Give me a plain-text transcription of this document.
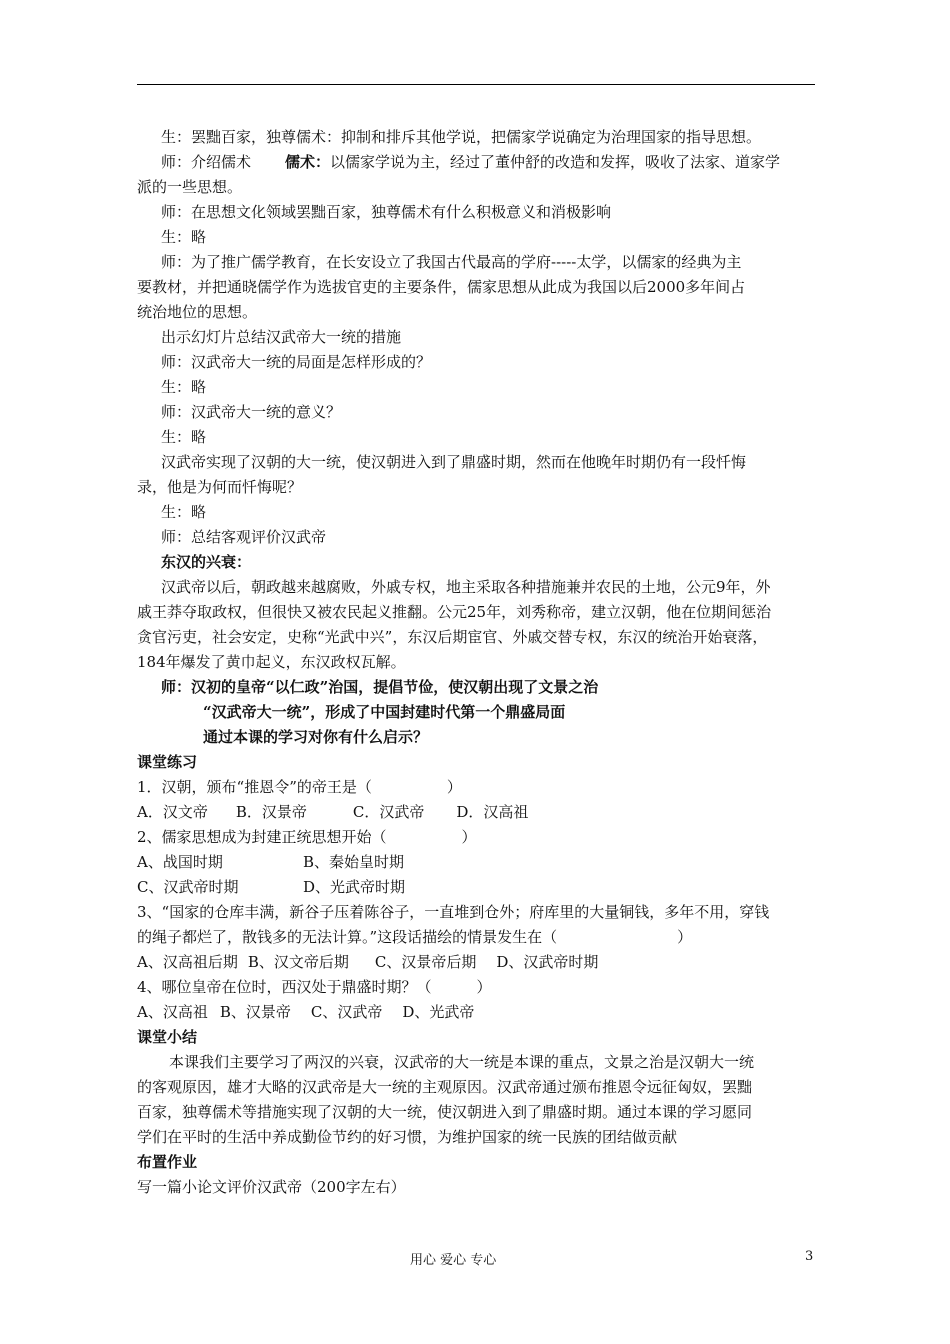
生：罢黜百家，独尊儒术：抑制和排斥其他学说，把儒家学说确定为治理国家的指导思想。
师：介绍儒术 儒术：以儒家学说为主，经过了董仲舒的改造和发挥，吸收了法家、道家学
派的一些思想。
师：在思想文化领域罢黜百家，独尊儒术有什么积极意义和消极影响
生：略
师：为了推广儒学教育，在长安设立了我国古代最高的学府-----太学，以儒家的经典为主
要教材，并把通晓儒学作为选拔官吏的主要条件，儒家思想从此成为我国以后2000多年间占
统治地位的思想。
出示幻灯片总结汉武帝大一统的措施
师：汉武帝大一统的局面是怎样形成的？
生：略
师：汉武帝大一统的意义？
生：略
汉武帝实现了汉朝的大一统，使汉朝进入到了鼎盛时期，然而在他晚年时期仍有一段忏悔
录，他是为何而忏悔呢？
生：略
师：总结客观评价汉武帝
东汉的兴衰：
汉武帝以后，朝政越来越腐败，外戚专权，地主采取各种措施兼并农民的土地，公元9年，外
戚王莽夺取政权，但很快又被农民起义推翻。公元25年，刘秀称帝，建立汉朝，他在位期间惩治
贪官污吏，社会安定，史称“光武中兴”，东汉后期宦官、外戚交替专权，东汉的统治开始衰落，
184年爆发了黄巾起义，东汉政权瓦解。
师：汉初的皇帝“以仁政”治国，提倡节俭，使汉朝出现了文景之治
“汉武帝大一统”，形成了中国封建时代第一个鼎盛局面
通过本课的学习对你有什么启示？
课堂练习
1．汉朝，颁布“推恩令”的帝王是（　　　　　）
A．汉文帝 B．汉景帝	C．汉武帝 D．汉高祖
2、儒家思想成为封建正统思想开始（　　　　　）
A、战国时期	B、秦始皇时期
C、汉武帝时期	D、光武帝时期
3、“国家的仓库丰满，新谷子压着陈谷子，一直堆到仓外；府库里的大量铜钱，多年不用，穿钱
的绳子都烂了，散钱多的无法计算。”这段话描绘的情景发生在（　　　　　　　　）
A、汉高祖后期 B、汉文帝后期 C、汉景帝后期 D、汉武帝时期
4、哪位皇帝在位时，西汉处于鼎盛时期？（　　　）
A、汉高祖 B、汉景帝 C、汉武帝 D、光武帝
课堂小结
本课我们主要学习了两汉的兴衰，汉武帝的大一统是本课的重点，文景之治是汉朝大一统
的客观原因，雄才大略的汉武帝是大一统的主观原因。汉武帝通过颁布推恩令远征匈奴，罢黜
百家，独尊儒术等措施实现了汉朝的大一统，使汉朝进入到了鼎盛时期。通过本课的学习愿同
学们在平时的生活中养成勤俭节约的好习惯，为维护国家的统一民族的团结做贡献
布置作业
写一篇小论文评价汉武帝（200字左右）
用心 爱心 专心	3
